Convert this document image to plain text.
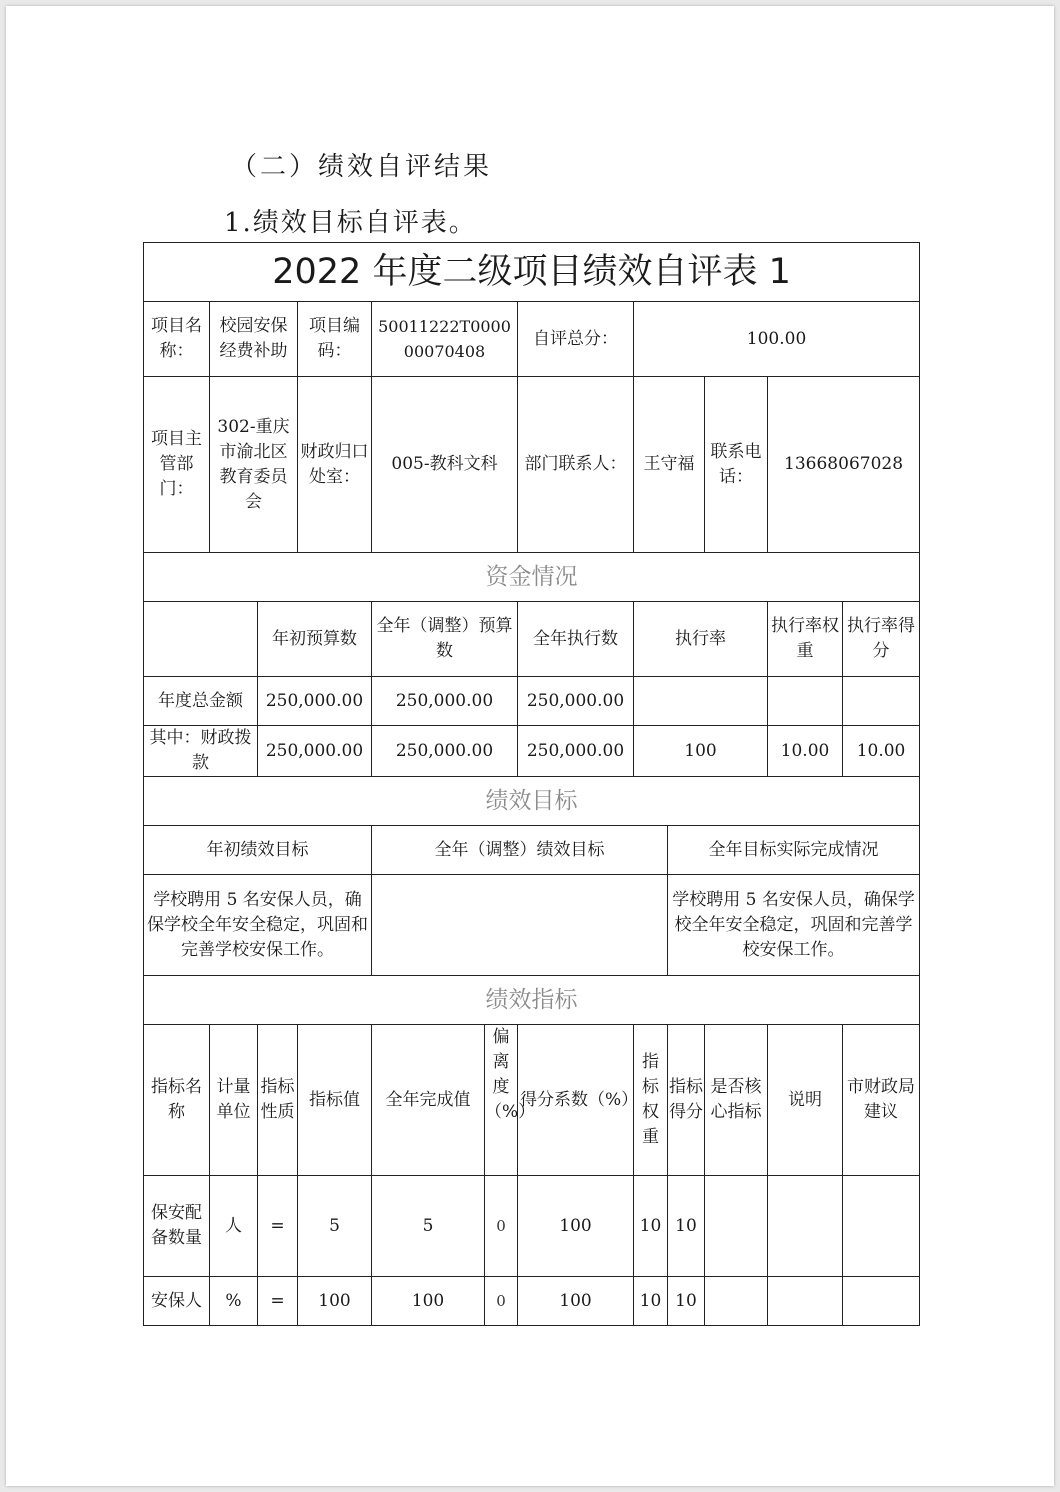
（二）绩效自评结果
1.绩效目标自评表。
2022 年度二级项目绩效自评表 1											
项目名称：	校园安保经费补助		项目编码：	50011222T000000070408		自评总分：	100.00				
项目主管部门：	302-重庆市渝北区教育委员会		财政归口处室：	005-教科文科		部门联系人：	王守福		联系电话：	13668067028	
资金情况											
		年初预算数		全年（调整）预算数		全年执行数	执行率			执行率权重	执行率得分
年度总金额		250,000.00		250,000.00		250,000.00					
其中：财政拨款		250,000.00		250,000.00		250,000.00	100			10.00	10.00
绩效目标											
年初绩效目标				全年（调整）绩效目标				全年目标实际完成情况			
学校聘用 5 名安保人员，确保学校全年安全稳定，巩固和完善学校安保工作。								学校聘用 5 名安保人员，确保学校全年安全稳定，巩固和完善学校安保工作。			
绩效指标											
指标名称	计量单位	指标性质	指标值	全年完成值	偏离度（%）	得分系数（%）	指标权重	指标得分	是否核心指标	说明	市财政局建议
保安配备数量	人	=	5	5	0	100	10	10			
安保人	%	=	100	100	0	100	10	10			
